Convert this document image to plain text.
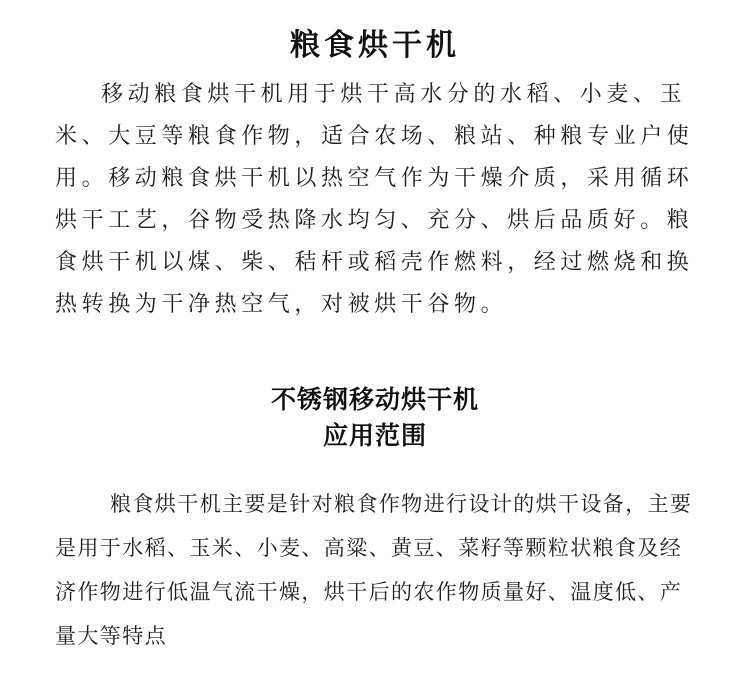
粮食烘干机

移动粮食烘干机用于烘干高水分的水稻、小麦、玉米、大豆等粮食作物，适合农场、粮站、种粮专业户使用。移动粮食烘干机以热空气作为干燥介质，采用循环烘干工艺，谷物受热降水均匀、充分、烘后品质好。粮食烘干机以煤、柴、秸杆或稻壳作燃料，经过燃烧和换热转换为干净热空气，对被烘干谷物。

不锈钢移动烘干机
应用范围

粮食烘干机主要是针对粮食作物进行设计的烘干设备，主要是用于水稻、玉米、小麦、高粱、黄豆、菜籽等颗粒状粮食及经济作物进行低温气流干燥，烘干后的农作物质量好、温度低、产量大等特点
